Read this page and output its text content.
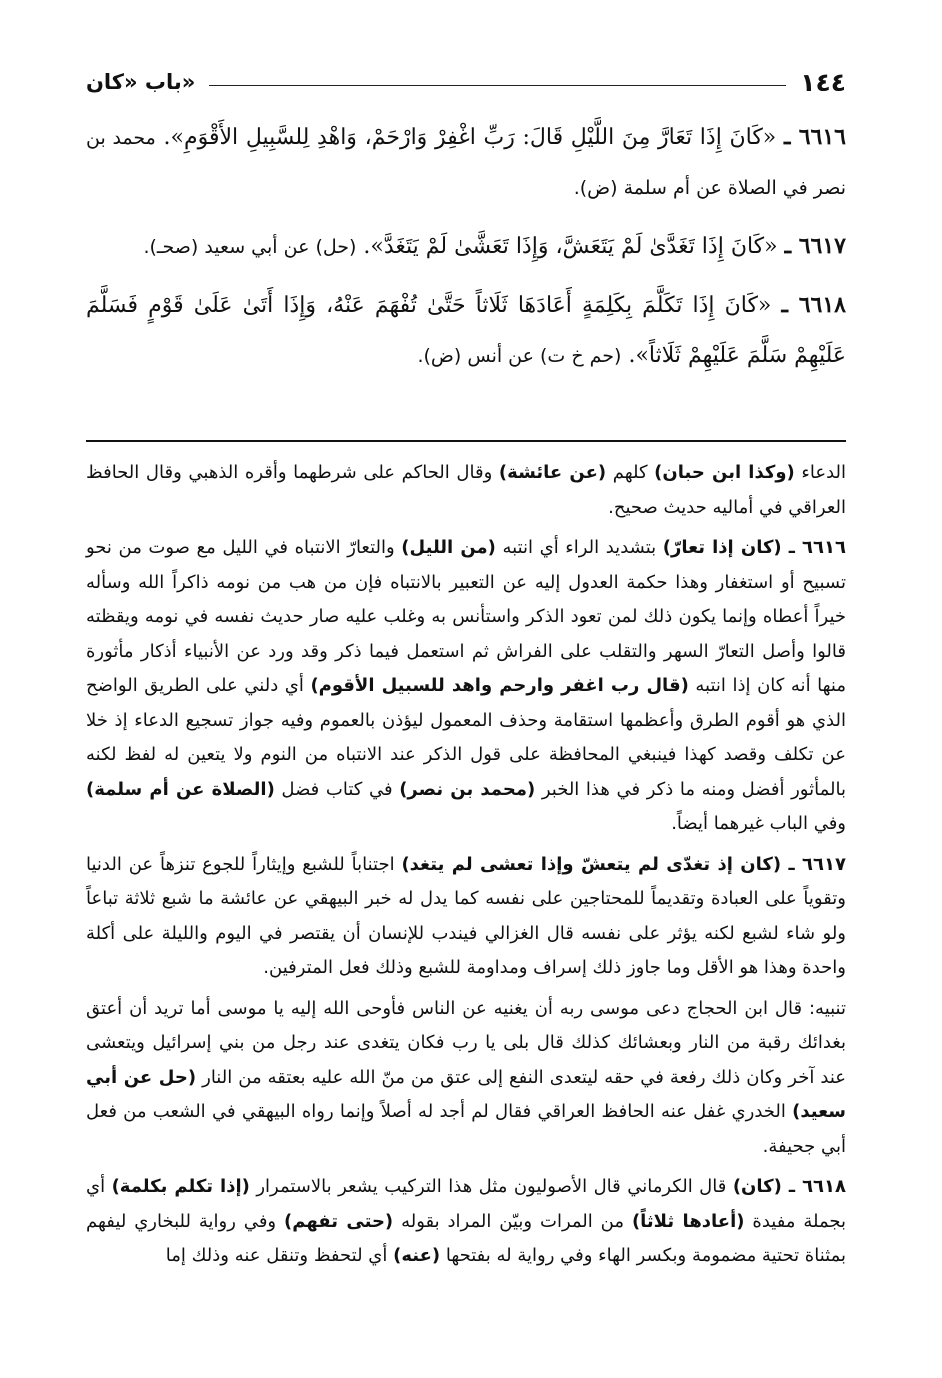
١٤٤
باب «كان»

٦٦١٦ ـ «كَانَ إِذَا تَعَارَّ مِنَ اللَّيْلِ قَالَ: رَبِّ اغْفِرْ وَارْحَمْ، وَاهْدِ لِلسَّبِيلِ الأَقْوَمِ». محمد بن نصر في الصلاة عن أم سلمة (ض).

٦٦١٧ ـ «كَانَ إِذَا تَغَدَّىٰ لَمْ يَتَعَشَّ، وَإِذَا تَعَشَّىٰ لَمْ يَتَغَدَّ». (حل) عن أبي سعيد (صحـ).

٦٦١٨ ـ «كَانَ إِذَا تَكَلَّمَ بِكَلِمَةٍ أَعَادَهَا ثَلَاثاً حَتَّىٰ تُفْهَمَ عَنْهُ، وَإِذَا أَتَىٰ عَلَىٰ قَوْمٍ فَسَلَّمَ عَلَيْهِمْ سَلَّمَ عَلَيْهِمْ ثَلَاثاً». (حم خ ت) عن أنس (ض).

الدعاء (وكذا ابن حبان) كلهم (عن عائشة) وقال الحاكم على شرطهما وأقره الذهبي وقال الحافظ العراقي في أماليه حديث صحيح.

٦٦١٦ ـ (كان إذا تعارّ) بتشديد الراء أي انتبه (من الليل) والتعارّ الانتباه في الليل مع صوت من نحو تسبيح أو استغفار وهذا حكمة العدول إليه عن التعبير بالانتباه فإن من هب من نومه ذاكراً الله وسأله خيراً أعطاه وإنما يكون ذلك لمن تعود الذكر واستأنس به وغلب عليه صار حديث نفسه في نومه ويقظته قالوا وأصل التعارّ السهر والتقلب على الفراش ثم استعمل فيما ذكر وقد ورد عن الأنبياء أذكار مأثورة منها أنه كان إذا انتبه (قال رب اغفر وارحم واهد للسبيل الأقوم) أي دلني على الطريق الواضح الذي هو أقوم الطرق وأعظمها استقامة وحذف المعمول ليؤذن بالعموم وفيه جواز تسجيع الدعاء إذ خلا عن تكلف وقصد كهذا فينبغي المحافظة على قول الذكر عند الانتباه من النوم ولا يتعين له لفظ لكنه بالمأثور أفضل ومنه ما ذكر في هذا الخبر (محمد بن نصر) في كتاب فضل (الصلاة عن أم سلمة) وفي الباب غيرهما أيضاً.

٦٦١٧ ـ (كان إذ تغدّى لم يتعشّ وإذا تعشى لم يتغد) اجتناباً للشبع وإيثاراً للجوع تنزهاً عن الدنيا وتقوياً على العبادة وتقديماً للمحتاجين على نفسه كما يدل له خبر البيهقي عن عائشة ما شبع ثلاثة تباعاً ولو شاء لشبع لكنه يؤثر على نفسه قال الغزالي فيندب للإنسان أن يقتصر في اليوم والليلة على أكلة واحدة وهذا هو الأقل وما جاوز ذلك إسراف ومداومة للشبع وذلك فعل المترفين.

تنبيه: قال ابن الحجاج دعى موسى ربه أن يغنيه عن الناس فأوحى الله إليه يا موسى أما تريد أن أعتق بغدائك رقبة من النار وبعشائك كذلك قال بلى يا رب فكان يتغدى عند رجل من بني إسرائيل ويتعشى عند آخر وكان ذلك رفعة في حقه ليتعدى النفع إلى عتق من منّ الله عليه بعتقه من النار (حل عن أبي سعيد) الخدري غفل عنه الحافظ العراقي فقال لم أجد له أصلاً وإنما رواه البيهقي في الشعب من فعل أبي جحيفة.

٦٦١٨ ـ (كان) قال الكرماني قال الأصوليون مثل هذا التركيب يشعر بالاستمرار (إذا تكلم بكلمة) أي بجملة مفيدة (أعادها ثلاثاً) من المرات وبيّن المراد بقوله (حتى تفهم) وفي رواية للبخاري ليفهم بمثناة تحتية مضمومة وبكسر الهاء وفي رواية له بفتحها (عنه) أي لتحفظ وتنقل عنه وذلك إما
